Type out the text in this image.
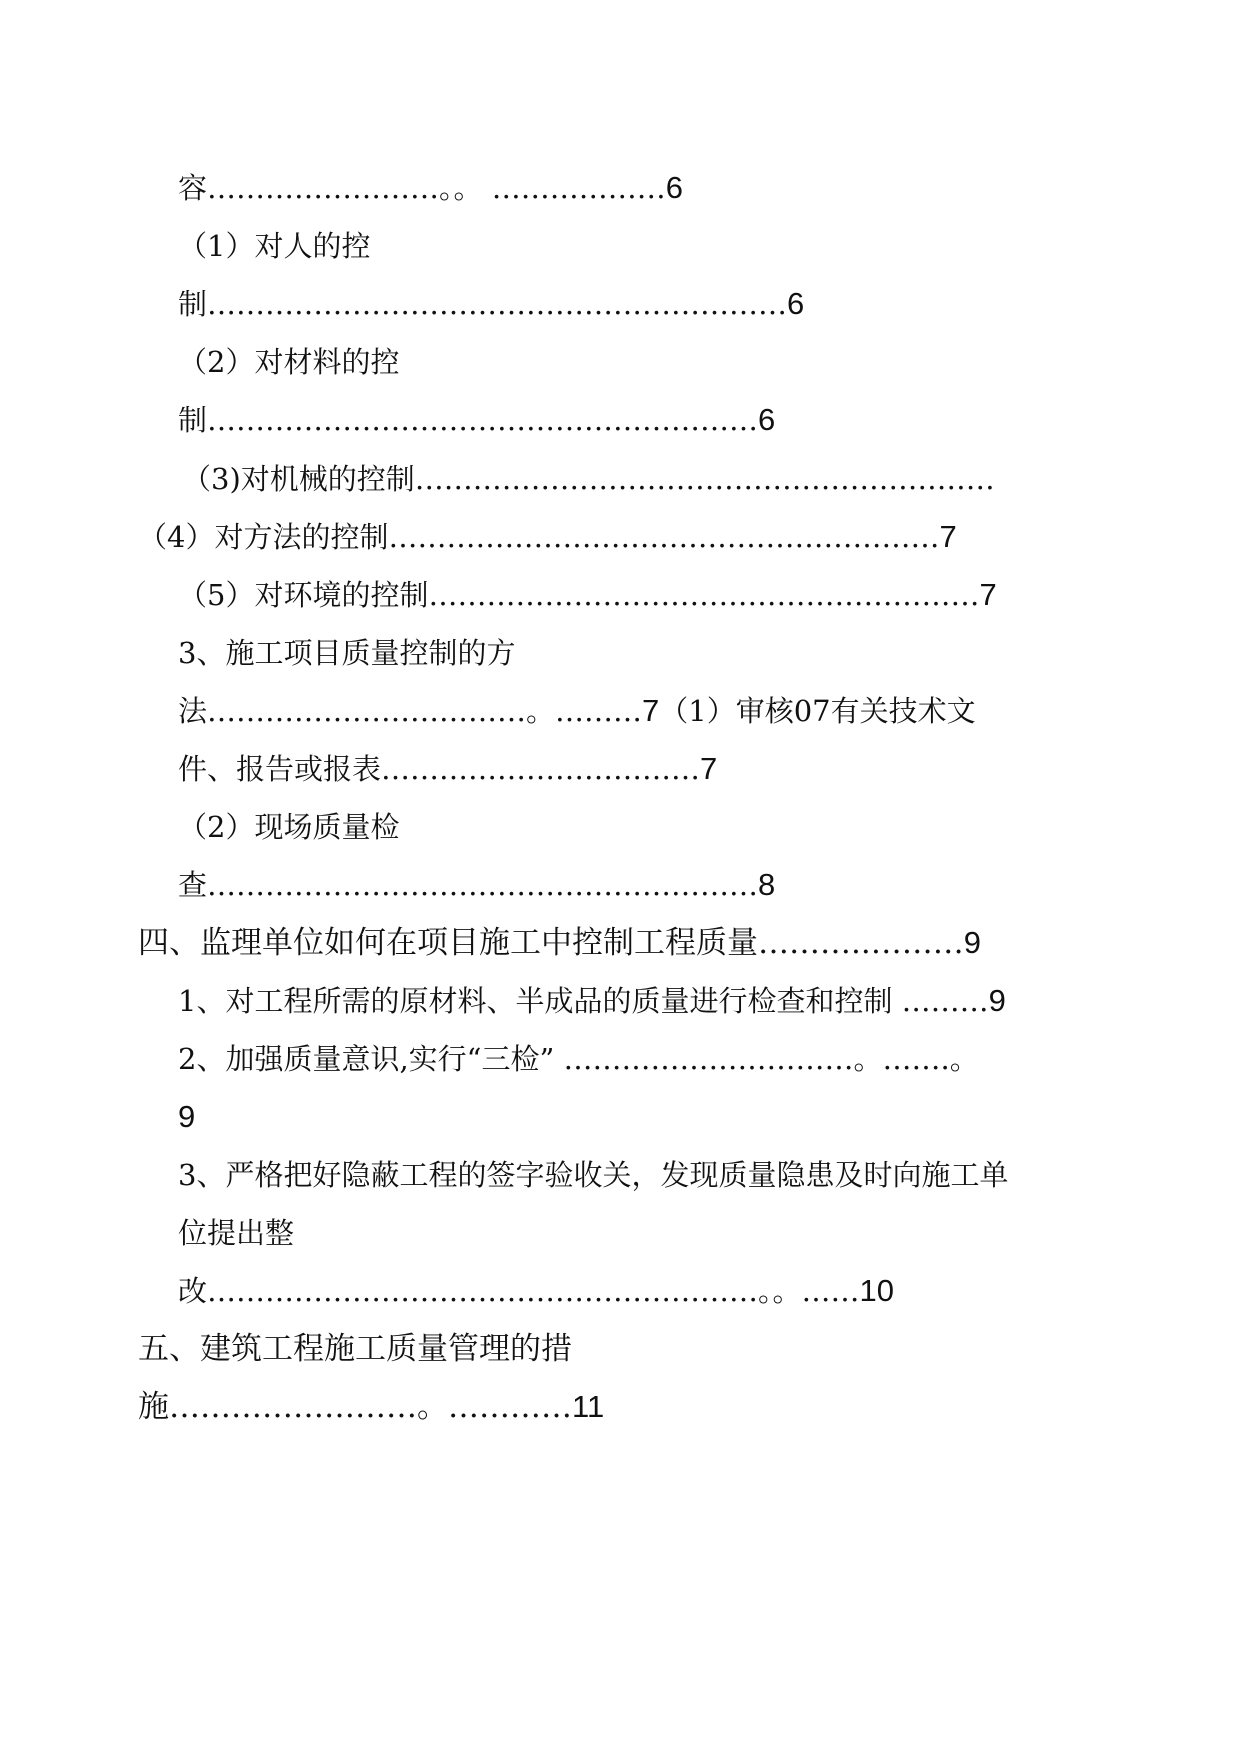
容……………………。。 ………………6
（1）对人的控
制……………………………………………………6
（2）对材料的控
制…………………………………………………6
（3)对机械的控制……………………………………………………
（4）对方法的控制…………………………………………………7
（5）对环境的控制…………………………………………………7
3、施工项目质量控制的方
法……………………………。………7（1）审核07有关技术文
件、报告或报表……………………………7
（2）现场质量检
查…………………………………………………8
四、监理单位如何在项目施工中控制工程质量………..………9
1、对工程所需的原材料、半成品的质量进行检查和控制 ………9
2、加强质量意识,实行“三检” …………………………。…….。
9
3、严格把好隐蔽工程的签字验收关，发现质量隐患及时向施工单
位提出整
改…………………………………………………。。……10
五、建筑工程施工质量管理的措
施……………………。…………11
